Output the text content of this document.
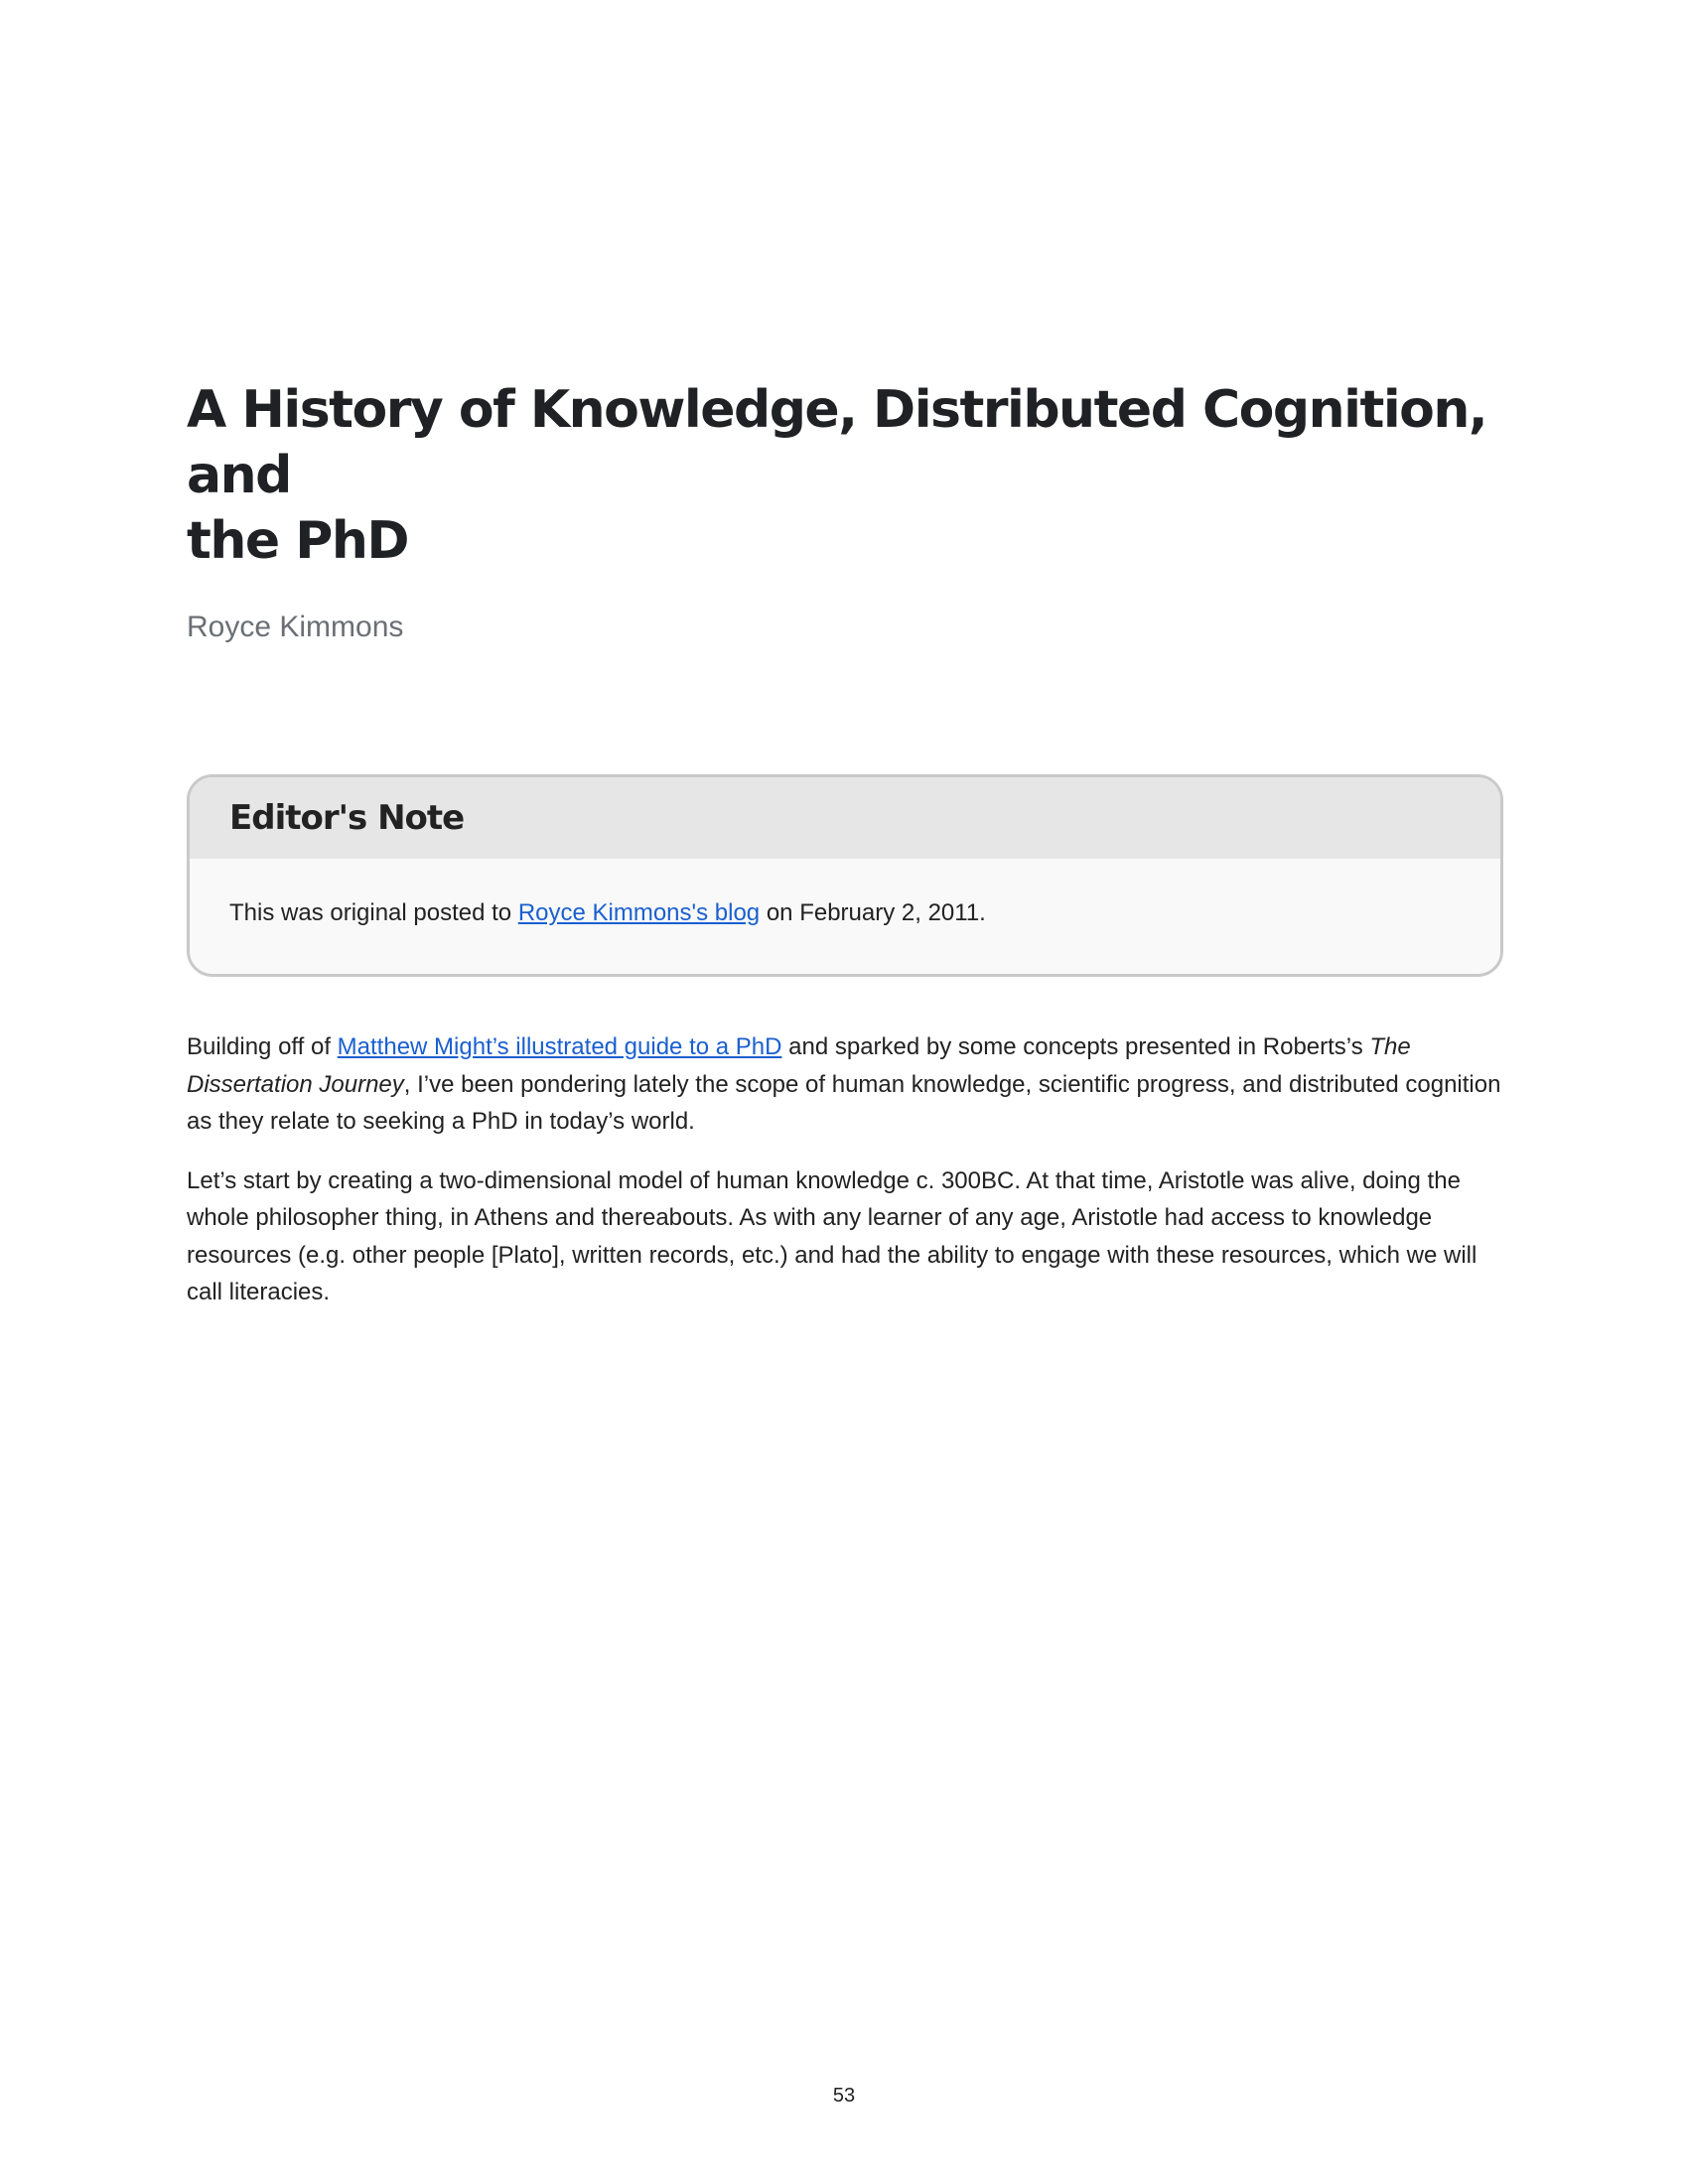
A History of Knowledge, Distributed Cognition, and
the PhD
Royce Kimmons
Editor's Note
This was original posted to Royce Kimmons's blog on February 2, 2011.

Building off of Matthew Might’s illustrated guide to a PhD and sparked by some concepts presented in Roberts’s The Dissertation Journey, I’ve been pondering lately the scope of human knowledge, scientific progress, and distributed cognition as they relate to seeking a PhD in today’s world.

Let’s start by creating a two-dimensional model of human knowledge c. 300BC. At that time, Aristotle was alive, doing the whole philosopher thing, in Athens and thereabouts. As with any learner of any age, Aristotle had access to knowledge resources (e.g. other people [Plato], written records, etc.) and had the ability to engage with these resources, which we will call literacies.

53
